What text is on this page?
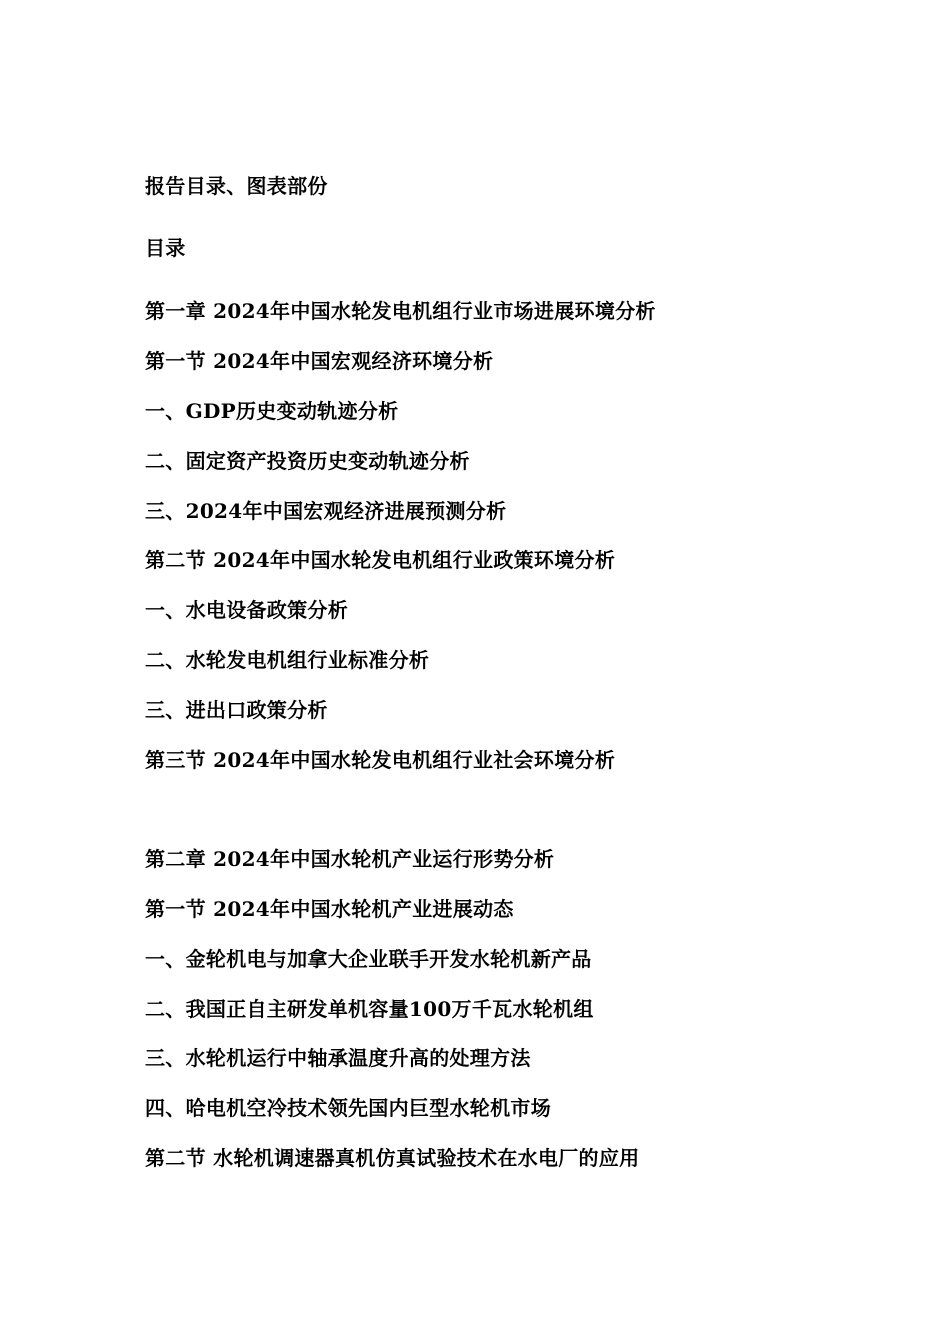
报告目录、图表部份
目录
第一章 2024年中国水轮发电机组行业市场进展环境分析
第一节 2024年中国宏观经济环境分析
一、GDP历史变动轨迹分析
二、固定资产投资历史变动轨迹分析
三、2024年中国宏观经济进展预测分析
第二节 2024年中国水轮发电机组行业政策环境分析
一、水电设备政策分析
二、水轮发电机组行业标准分析
三、进出口政策分析
第三节 2024年中国水轮发电机组行业社会环境分析
第二章 2024年中国水轮机产业运行形势分析
第一节 2024年中国水轮机产业进展动态
一、金轮机电与加拿大企业联手开发水轮机新产品
二、我国正自主研发单机容量100万千瓦水轮机组
三、水轮机运行中轴承温度升高的处理方法
四、哈电机空冷技术领先国内巨型水轮机市场
第二节 水轮机调速器真机仿真试验技术在水电厂的应用
